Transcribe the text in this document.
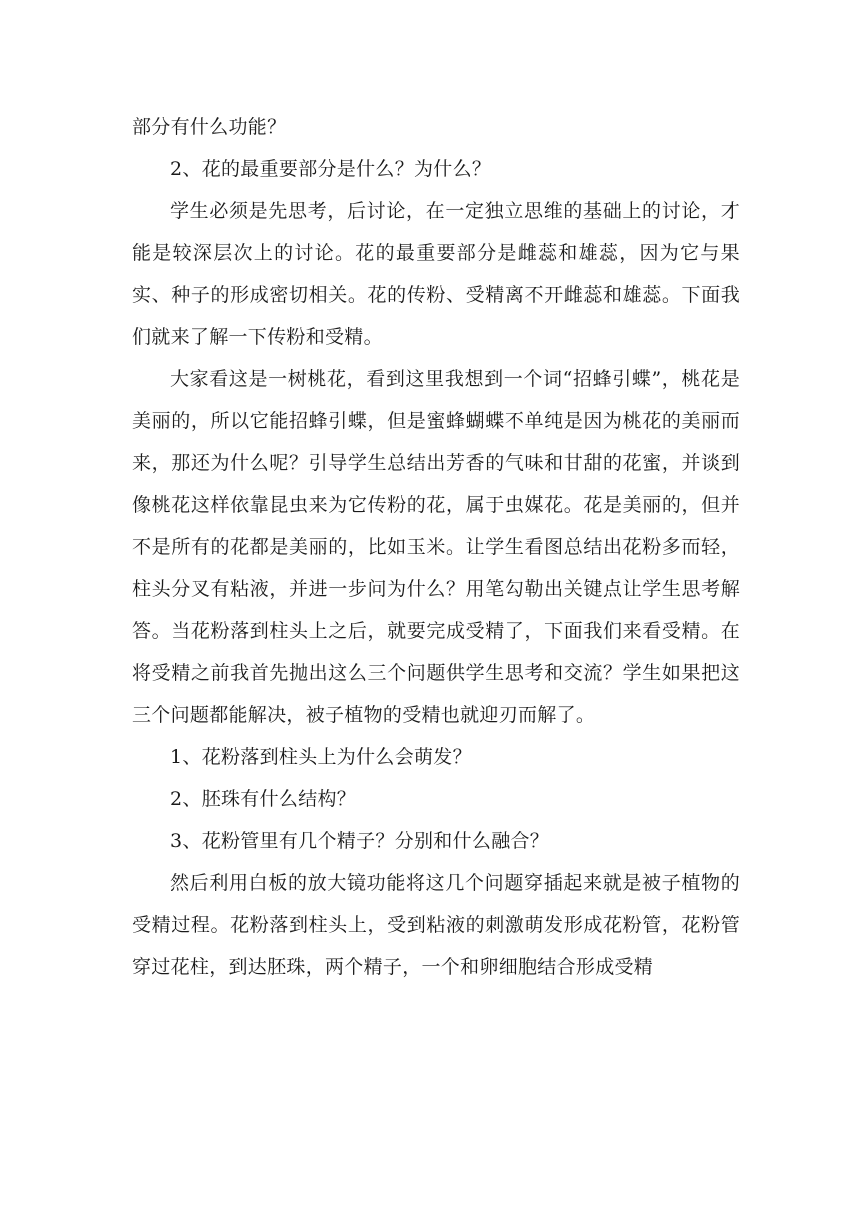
部分有什么功能？

2、花的最重要部分是什么？为什么？

学生必须是先思考，后讨论，在一定独立思维的基础上的讨论，才能是较深层次上的讨论。花的最重要部分是雌蕊和雄蕊，因为它与果实、种子的形成密切相关。花的传粉、受精离不开雌蕊和雄蕊。下面我们就来了解一下传粉和受精。

大家看这是一树桃花，看到这里我想到一个词“招蜂引蝶”，桃花是美丽的，所以它能招蜂引蝶，但是蜜蜂蝴蝶不单纯是因为桃花的美丽而来，那还为什么呢？引导学生总结出芳香的气味和甘甜的花蜜，并谈到像桃花这样依靠昆虫来为它传粉的花，属于虫媒花。花是美丽的，但并不是所有的花都是美丽的，比如玉米。让学生看图总结出花粉多而轻，柱头分叉有粘液，并进一步问为什么？用笔勾勒出关键点让学生思考解答。当花粉落到柱头上之后，就要完成受精了，下面我们来看受精。在将受精之前我首先抛出这么三个问题供学生思考和交流？学生如果把这三个问题都能解决，被子植物的受精也就迎刃而解了。

1、花粉落到柱头上为什么会萌发？

2、胚珠有什么结构？

3、花粉管里有几个精子？分别和什么融合？

然后利用白板的放大镜功能将这几个问题穿插起来就是被子植物的受精过程。花粉落到柱头上，受到粘液的刺激萌发形成花粉管，花粉管穿过花柱，到达胚珠，两个精子，一个和卵细胞结合形成受精
